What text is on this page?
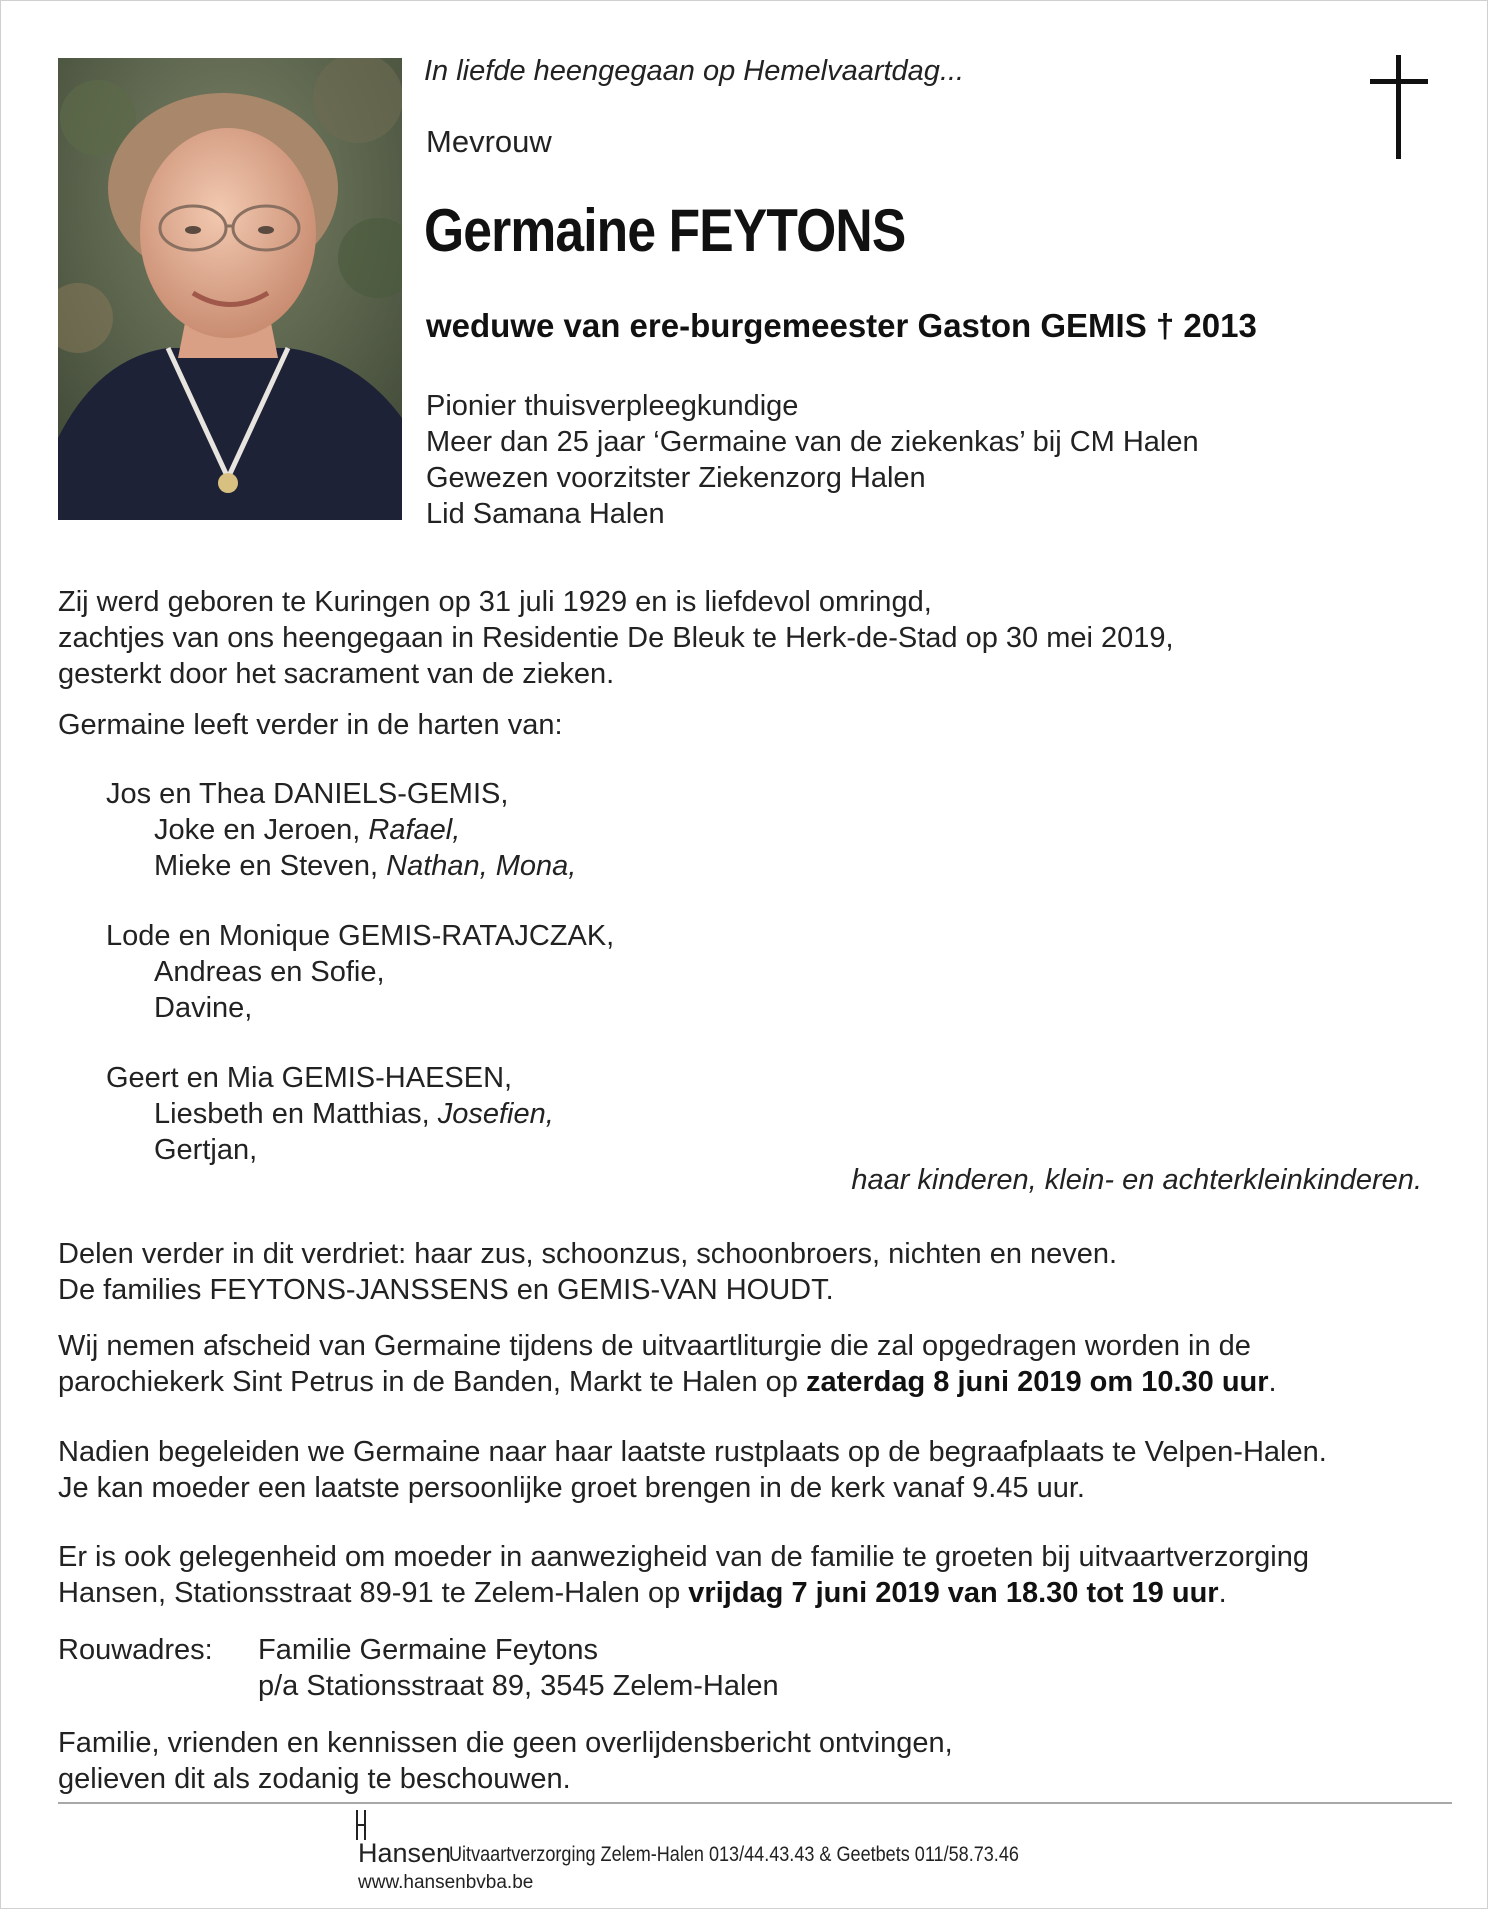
In liefde heengegaan op Hemelvaartdag...
Mevrouw
Germaine FEYTONS
weduwe van ere-burgemeester Gaston GEMIS † 2013
Pionier thuisverpleegkundige
Meer dan 25 jaar ‘Germaine van de ziekenkas’ bij CM Halen
Gewezen voorzitster Ziekenzorg Halen
Lid Samana Halen
Zij werd geboren te Kuringen op 31 juli 1929 en is liefdevol omringd,
zachtjes van ons heengegaan in Residentie De Bleuk te Herk-de-Stad op 30 mei 2019,
gesterkt door het sacrament van de zieken.
Germaine leeft verder in de harten van:
Jos en Thea DANIELS-GEMIS,
Joke en Jeroen, Rafael,
Mieke en Steven, Nathan, Mona,
Lode en Monique GEMIS-RATAJCZAK,
Andreas en Sofie,
Davine,
Geert en Mia GEMIS-HAESEN,
Liesbeth en Matthias, Josefien,
Gertjan,
haar kinderen, klein- en achterkleinkinderen.
Delen verder in dit verdriet: haar zus, schoonzus, schoonbroers, nichten en neven.
De families FEYTONS-JANSSENS en GEMIS-VAN HOUDT.
Wij nemen afscheid van Germaine tijdens de uitvaartliturgie die zal opgedragen worden in de
parochiekerk Sint Petrus in de Banden, Markt te Halen op zaterdag 8 juni 2019 om 10.30 uur.
Nadien begeleiden we Germaine naar haar laatste rustplaats op de begraafplaats te Velpen-Halen.
Je kan moeder een laatste persoonlijke groet brengen in de kerk vanaf 9.45 uur.
Er is ook gelegenheid om moeder in aanwezigheid van de familie te groeten bij uitvaartverzorging
Hansen, Stationsstraat 89-91 te Zelem-Halen op vrijdag 7 juni 2019 van 18.30 tot 19 uur.
Rouwadres: Familie Germaine Feytons
p/a Stationsstraat 89, 3545 Zelem-Halen
Familie, vrienden en kennissen die geen overlijdensbericht ontvingen,
gelieven dit als zodanig te beschouwen.
Hansen
Uitvaartverzorging Zelem-Halen 013/44.43.43 & Geetbets 011/58.73.46
www.hansenbvba.be
